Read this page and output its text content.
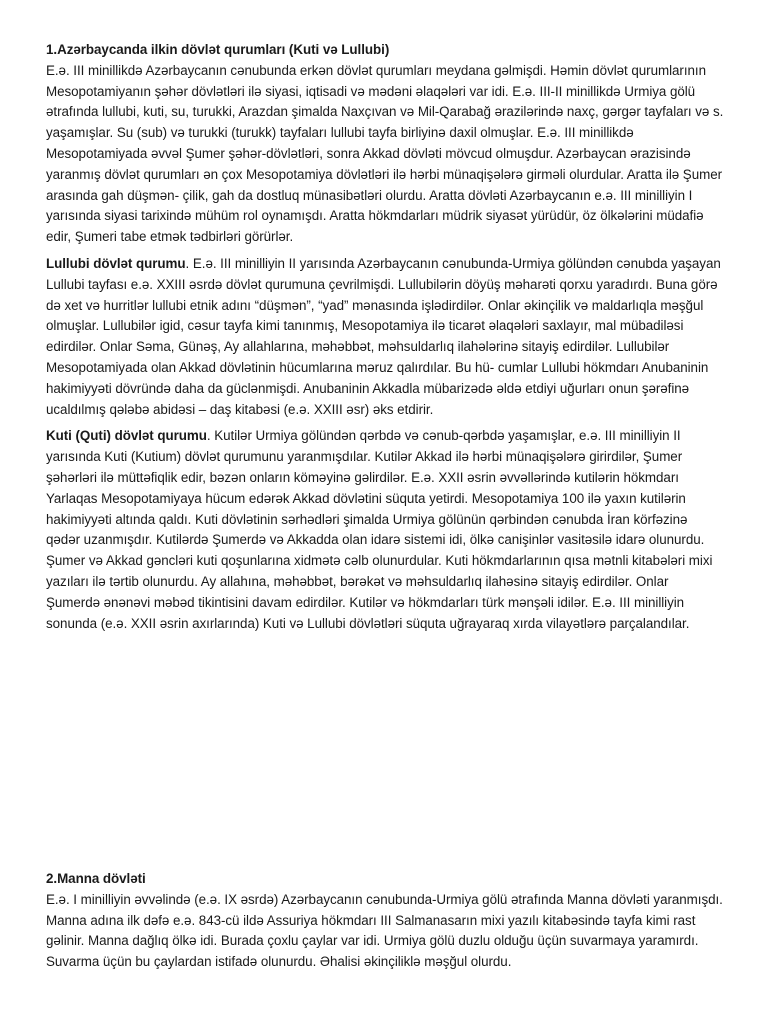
1.Azərbaycanda ilkin dövlət qurumları (Kuti və Lullubi)

E.ə. III minillikdə Azərbaycanın cənubunda erkən dövlət qurumları meydana gəlmişdi. Həmin dövlət qurumlarının Mesopotamiyanın şəhər dövlətləri ilə siyasi, iqtisadi və mədəni əlaqələri var idi. E.ə. III-II minillikdə Urmiya gölü ətrafında lullubi, kuti, su, turukki, Arazdan şimalda Naxçıvan və Mil-Qarabağ ərazilərində naxç, gərgər tayfaları və s. yaşamışlar. Su (sub) və turukki (turukk) tayfaları lullubi tayfa birliyinə daxil olmuşlar. E.ə. III minillikdə Mesopotamiyada əvvəl Şumer şəhər-dövlətləri, sonra Akkad dövləti mövcud olmuşdur. Azərbaycan ərazisində yaranmış dövlət qurumları ən çox Mesopotamiya dövlətləri ilə hərbi münaqişələrə girməli olurdular. Aratta ilə Şumer arasında gah düşmən- çilik, gah da dostluq münasibətləri olurdu. Aratta dövləti Azərbaycanın e.ə. III minilliyin I yarısında siyasi tarixində mühüm rol oynamışdı. Aratta hökmdarları müdrik siyasət yürüdür, öz ölkələrini müdafiə edir, Şumeri tabe etmək tədbirləri görürlər.

Lullubi dövlət qurumu. E.ə. III minilliyin II yarısında Azərbaycanın cənubunda-Urmiya gölündən cənubda yaşayan Lullubi tayfası e.ə. XXIII əsrdə dövlət qurumuna çevrilmişdi. Lullubilərin döyüş məharəti qorxu yaradırdı. Buna görə də xet və hurritlər lullubi etnik adını “düşmən”, “yad” mənasında işlədirdilər. Onlar əkinçilik və maldarlıqla məşğul olmuşlar. Lullubilər igid, cəsur tayfa kimi tanınmış, Mesopotamiya ilə ticarət əlaqələri saxlayır, mal mübadiləsi edirdilər. Onlar Səma, Günəş, Ay allahlarına, məhəbbət, məhsuldarlıq ilahələrinə sitayiş edirdilər. Lullubilər Mesopotamiyada olan Akkad dövlətinin hücumlarına məruz qalırdılar. Bu hü- cumlar Lullubi hökmdarı Anubaninin hakimiyyəti dövründə daha da güclənmişdi. Anubaninin Akkadla mübarizədə əldə etdiyi uğurları onun şərəfinə ucaldılmış qələbə abidəsi – daş kitabəsi (e.ə. XXIII əsr) əks etdirir.

Kuti (Quti) dövlət qurumu. Kutilər Urmiya gölündən qərbdə və cənub-qərbdə yaşamışlar, e.ə. III minilliyin II yarısında Kuti (Kutium) dövlət qurumunu yaranmışdılar. Kutilər Akkad ilə hərbi münaqişələrə girirdilər, Şumer şəhərləri ilə müttəfiqlik edir, bəzən onların köməyinə gəlirdilər. E.ə. XXII əsrin əvvəllərində kutilərin hökmdarı Yarlaqas Mesopotamiyaya hücum edərək Akkad dövlətini süquta yetirdi. Mesopotamiya 100 ilə yaxın kutilərin hakimiyyəti altında qaldı. Kuti dövlətinin sərhədləri şimalda Urmiya gölünün qərbindən cənubda İran körfəzinə qədər uzanmışdır. Kutilərdə Şumerdə və Akkadda olan idarə sistemi idi, ölkə canişinlər vasitəsilə idarə olunurdu. Şumer və Akkad gəncləri kuti qoşunlarına xidmətə cəlb olunurdular. Kuti hökmdarlarının qısa mətnli kitabələri mixi yazıları ilə tərtib olunurdu. Ay allahına, məhəbbət, bərəkət və məhsuldarlıq ilahəsinə sitayiş edirdilər. Onlar Şumerdə ənənəvi məbəd tikintisini davam edirdilər. Kutilər və hökmdarları türk mənşəli idilər. E.ə. III minilliyin sonunda (e.ə. XXII əsrin axırlarında) Kuti və Lullubi dövlətləri süquta uğrayaraq xırda vilayətlərə parçalandılar.

2.Manna dövləti

E.ə. I minilliyin əvvəlində (e.ə. IX əsrdə) Azərbaycanın cənubunda-Urmiya gölü ətrafında Manna dövləti yaranmışdı. Manna adına ilk dəfə e.ə. 843-cü ildə Assuriya hökmdarı III Salmanasarın mixi yazılı kitabəsində tayfa kimi rast gəlinir. Manna dağlıq ölkə idi. Burada çoxlu çaylar var idi. Urmiya gölü duzlu olduğu üçün suvarmaya yaramırdı. Suvarma üçün bu çaylardan istifadə olunurdu. Əhalisi əkinçiliklə məşğul olurdu.
